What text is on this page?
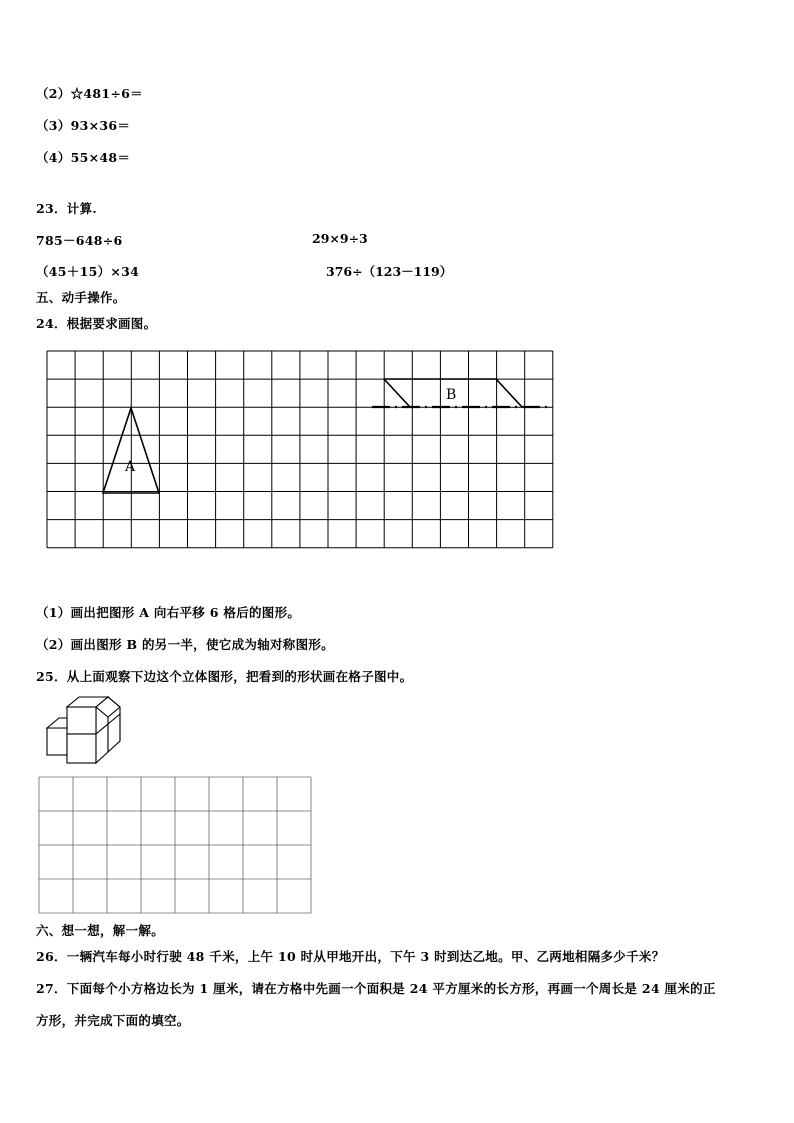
（2）☆481÷6＝
（3）93×36＝
（4）55×48＝
23．计算.
785－648÷6	29×9÷3
（45＋15）×34	376÷（123－119）
五、动手操作。
24．根据要求画图。
A
B
（1）画出把图形 A 向右平移 6 格后的图形。
（2）画出图形 B 的另一半，使它成为轴对称图形。
25．从上面观察下边这个立体图形，把看到的形状画在格子图中。
六、想一想，解一解。
26．一辆汽车每小时行驶 48 千米，上午 10 时从甲地开出，下午 3 时到达乙地。甲、乙两地相隔多少千米？
27．下面每个小方格边长为 1 厘米，请在方格中先画一个面积是 24 平方厘米的长方形，再画一个周长是 24 厘米的正
方形，并完成下面的填空。
